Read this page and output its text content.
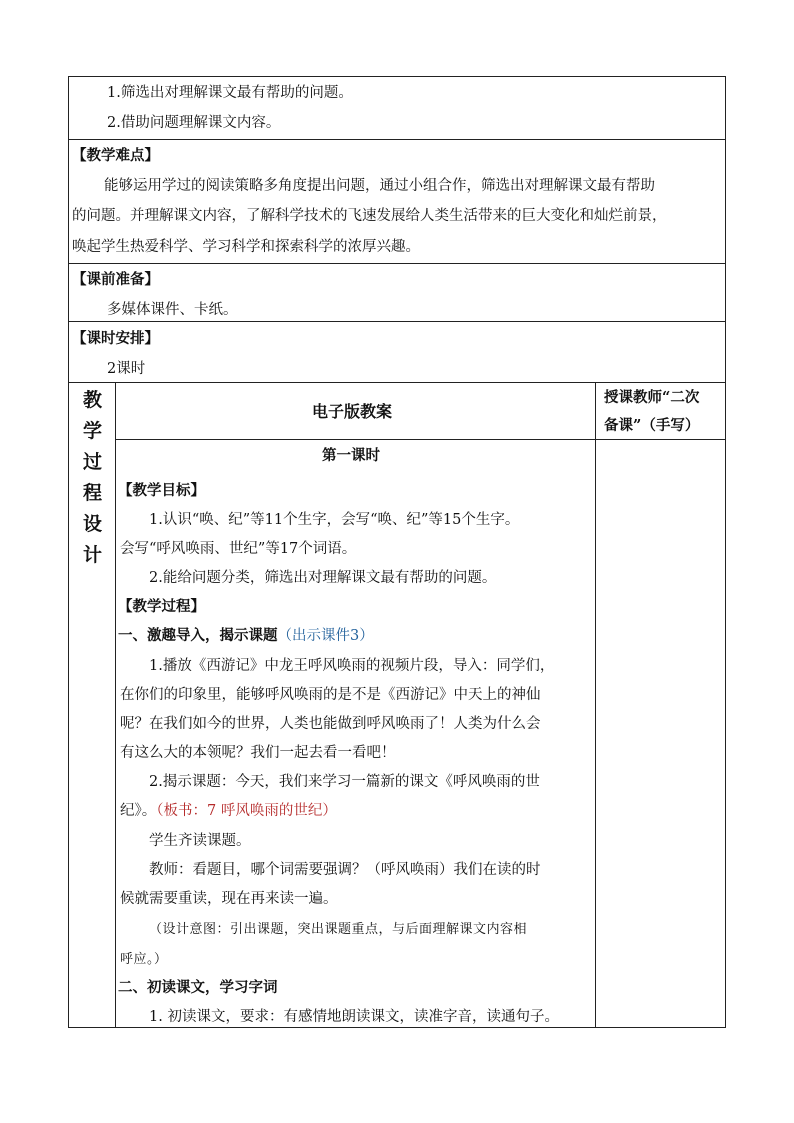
1.筛选出对理解课文最有帮助的问题。
2.借助问题理解课文内容。
【教学难点】
能够运用学过的阅读策略多角度提出问题，通过小组合作，筛选出对理解课文最有帮助
的问题。并理解课文内容，了解科学技术的飞速发展给人类生活带来的巨大变化和灿烂前景，
唤起学生热爱科学、学习科学和探索科学的浓厚兴趣。
【课前准备】
多媒体课件、卡纸。
【课时安排】
2课时
教
学
过
程
设
计
电子版教案
授课教师“二次
备课”（手写）
第一课时
【教学目标】
1.认识“唤、纪”等11个生字，会写“唤、纪”等15个生字。
会写“呼风唤雨、世纪”等17个词语。
2.能给问题分类，筛选出对理解课文最有帮助的问题。
【教学过程】
一、激趣导入，揭示课题（出示课件3）
1.播放《西游记》中龙王呼风唤雨的视频片段，导入：同学们，
在你们的印象里，能够呼风唤雨的是不是《西游记》中天上的神仙
呢？在我们如今的世界，人类也能做到呼风唤雨了！人类为什么会
有这么大的本领呢？我们一起去看一看吧！
2.揭示课题：今天，我们来学习一篇新的课文《呼风唤雨的世
纪》。（板书：7 呼风唤雨的世纪）
学生齐读课题。
教师：看题目，哪个词需要强调？（呼风唤雨）我们在读的时
候就需要重读，现在再来读一遍。
（设计意图：引出课题，突出课题重点，与后面理解课文内容相
呼应。）
二、初读课文，学习字词
1. 初读课文，要求：有感情地朗读课文，读准字音，读通句子。
